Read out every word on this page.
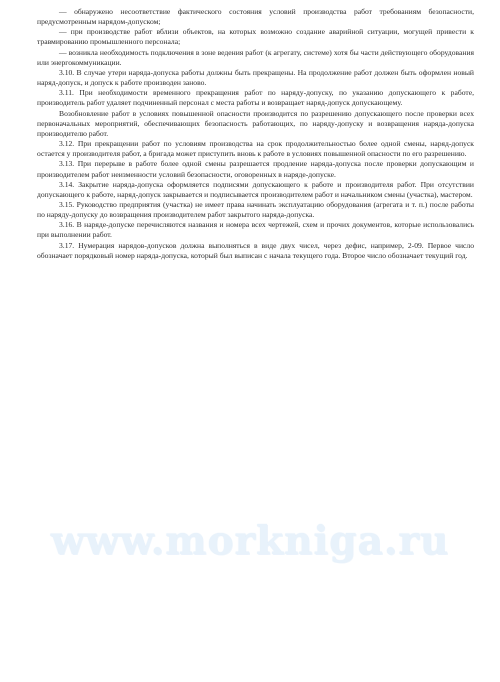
— обнаружено несоответствие фактического состояния условий производства работ требованиям безопасности, предусмотренным нарядом-допуском;

— при производстве работ вблизи объектов, на которых возможно создание аварийной ситуации, могущей привести к травмированию промышленного персонала;

— возникла необходимость подключения в зоне ведения работ (к агрегату, системе) хотя бы части действующего оборудования или энергокоммуникации.

3.10. В случае утери наряда-допуска работы должны быть прекращены. На продолжение работ должен быть оформлен новый наряд-допуск, и допуск к работе производен заново.

3.11. При необходимости временного прекращения работ по наряду-допуску, по указанию допускающего к работе, производитель работ удаляет подчиненный персонал с места работы и возвращает наряд-допуск допускающему.

Возобновление работ в условиях повышенной опасности производится по разрешению допускающего после проверки всех первоначальных мероприятий, обеспечивающих безопасность работающих, по наряду-допуску и возвращения наряда-допуска производителю работ.

3.12. При прекращении работ по условиям производства на срок продолжительностью более одной смены, наряд-допуск остается у производителя работ, а бригада может приступить вновь к работе в условиях повышенной опасности по его разрешению.

3.13. При перерыве в работе более одной смены разрешается продление наряда-допуска после проверки допускающим и производителем работ неизменности условий безопасности, оговоренных в наряде-допуске.

3.14. Закрытие наряда-допуска оформляется подписями допускающего к работе и производителя работ. При отсутствии допускающего к работе, наряд-допуск закрывается и подписывается производителем работ и начальником смены (участка), мастером.

3.15. Руководство предприятия (участка) не имеет права начинать эксплуатацию оборудования (агрегата и т. п.) после работы по наряду-допуску до возвращения производителем работ закрытого наряда-допуска.

3.16. В наряде-допуске перечисляются названия и номера всех чертежей, схем и прочих документов, которые использовались при выполнении работ.

3.17. Нумерация нарядов-допусков должна выполняться в виде двух чисел, через дефис, например, 2-09. Первое число обозначает порядковый номер наряда-допуска, который был выписан с начала текущего года. Второе число обозначает текущий год.

www.morkniga.ru
